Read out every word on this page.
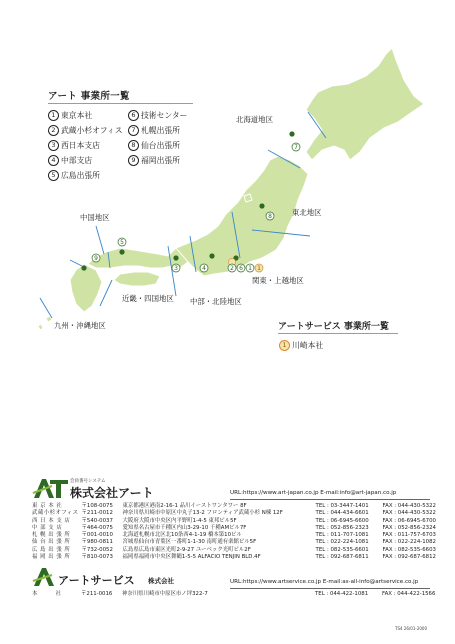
アート 事業所一覧
1 東京本社
2 武蔵小杉オフィス
3 西日本支店
4 中部支店
5 広島出張所
6 技術センター
7 札幌出張所
8 仙台出張所
9 福岡出張所
7
8
2 6 1 1
4
3
5
9
北海道地区
東北地区
中国地区
関東・上越地区
近畿・四国地区 中部・北陸地区
九州・沖縄地区	アートサービス 事業所一覧
1 川崎本社
会員番号システム
株式会社アート	URL:https://www.art-japan.co.jp E-mail:info@art-japan.co.jp
東 京 本 社	〒108-0075	東京都港区港南2-16-1 品川イーストワンタワー 8F	TEL : 03-3447-1401	FAX : 044-430-5322
武蔵小杉オフィス	〒211-0012	神奈川県川崎市中原区中丸子13-2 フロンティア武蔵小杉 N棟 12F	TEL : 044-434-6601	FAX : 044-430-5322
西 日 本 支 店	〒540-0037	大阪府大阪市中央区内平野町1-4-5 東邦ビル5F	TEL : 06-6945-6600	FAX : 06-6945-6700
中 部 支 店	〒464-0075	愛知県名古屋市千種区内山3-29-10 千種AMビル7F	TEL : 052-856-2323	FAX : 052-856-2324
札 幌 出 張 所	〒001-0010	北海道札幌市北区北10条西4-1-19 橋本第10ビル	TEL : 011-707-1081	FAX : 011-757-6703
仙 台 出 張 所	〒980-0811	宮城県仙台市青葉区一番町1-1-30 南町通有楽館ビル5F	TEL : 022-224-1081	FAX : 022-224-1082
広 島 出 張 所	〒732-0052	広島県広島市東区光町2-9-27 ユーベック光町ビル2F	TEL : 082-535-6601	FAX : 082-535-6603
福 岡 出 張 所	〒810-0073	福岡県福岡市中央区舞鶴1-5-5 ALFACIO TENJIN BLD.4F	TEL : 092-687-6811	FAX : 092-687-6812
アートサービス 株式会社	URL:https://www.artservice.co.jp E-mail:as-all-info@artservice.co.jp
本　　　社	〒211-0016	神奈川県川崎市中原区市ノ坪322-7	TEL : 044-422-1081	FAX : 044-422-1566
TS4 26/01-2000
